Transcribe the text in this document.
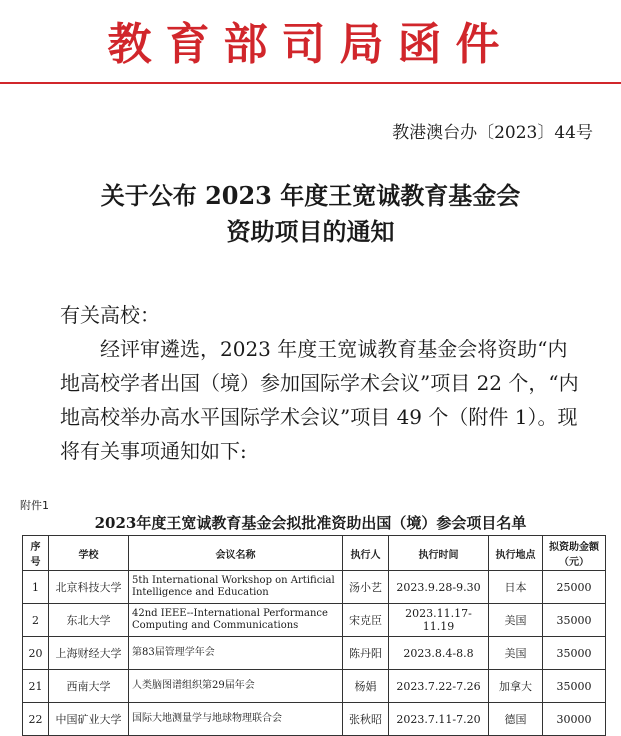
教育部司局函件
教港澳台办〔2023〕44号
关于公布 2023 年度王宽诚教育基金会
资助项目的通知
有关高校：
经评审遴选，2023 年度王宽诚教育基金会将资助“内地高校学者出国（境）参加国际学术会议”项目 22 个，“内地高校举办高水平国际学术会议”项目 49 个（附件 1）。现将有关事项通知如下:
附件1
2023年度王宽诚教育基金会拟批准资助出国（境）参会项目名单
序号	学校	会议名称	执行人	执行时间	执行地点	拟资助金额（元）
1	北京科技大学	5th International Workshop on Artificial Intelligence and Education	汤小艺	2023.9.28-9.30	日本	25000
2	东北大学	42nd IEEE--International Performance Computing and Communications	宋克臣	2023.11.17-11.19	美国	35000
20	上海财经大学	第83届管理学年会	陈丹阳	2023.8.4-8.8	美国	35000
21	西南大学	人类脑图谱组织第29届年会	杨娟	2023.7.22-7.26	加拿大	35000
22	中国矿业大学	国际大地测量学与地球物理联合会	张秋昭	2023.7.11-7.20	德国	30000
